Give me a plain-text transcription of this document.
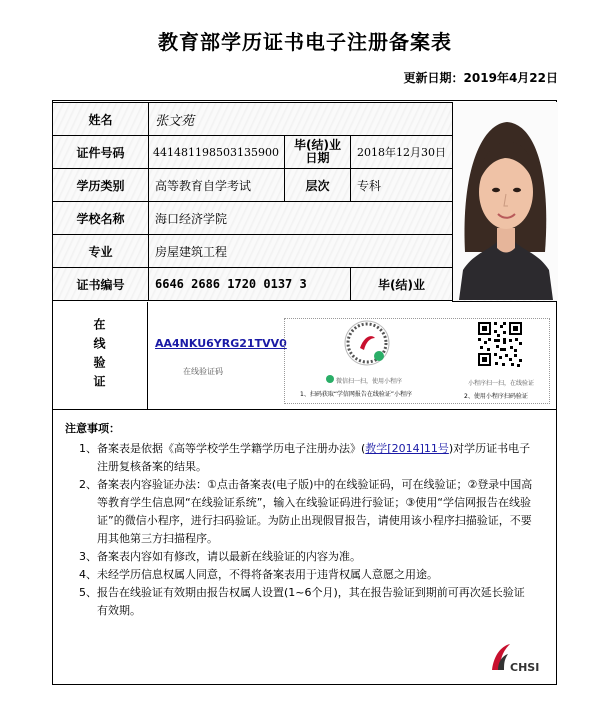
教育部学历证书电子注册备案表
更新日期：2019年4月22日
姓名	张文苑		
证件号码	441481198503135900	毕(结)业日期	2018年12月30日
学历类别	高等教育自学考试	层次	专科
学校名称	海口经济学院		
专业	房屋建筑工程		
证书编号	6646 2686 1720 0137 3		毕(结)业
在线验证	AA4NKU6YRG21TVV0
在线验证码
微信扫一扫，使用小程序
1、扫码获取“学信网报告在线验证”小程序
小程序扫一扫，在线验证
2、使用小程序扫码验证
注意事项：
1、 备案表是依据《高等学校学生学籍学历电子注册办法》(教学[2014]11号)对学历证书电子注册复核备案的结果。
2、 备案表内容验证办法：①点击备案表(电子版)中的在线验证码，可在线验证；②登录中国高等教育学生信息网“在线验证系统”，输入在线验证码进行验证；③使用“学信网报告在线验证”的微信小程序，进行扫码验证。为防止出现假冒报告，请使用该小程序扫描验证，不要用其他第三方扫描程序。
3、 备案表内容如有修改，请以最新在线验证的内容为准。
4、 未经学历信息权属人同意，不得将备案表用于违背权属人意愿之用途。
5、 报告在线验证有效期由报告权属人设置(1~6个月)，其在报告验证到期前可再次延长验证有效期。
CHSI
